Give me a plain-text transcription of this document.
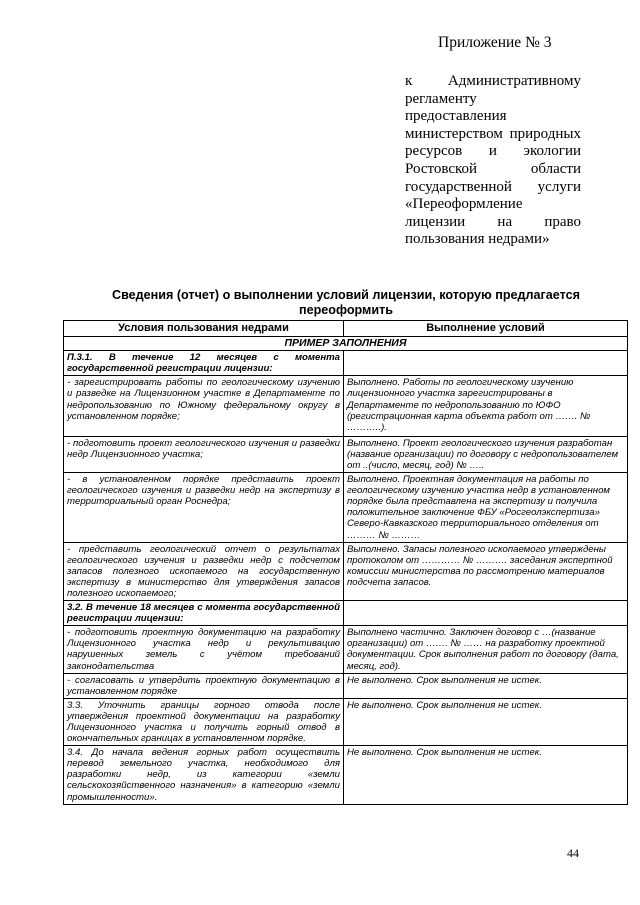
Приложение № 3
к Административному
регламенту
предоставления
министерством природных
ресурсов и экологии
Ростовской области
государственной услуги
«Переоформление
лицензии на право
пользования недрами»
Сведения (отчет) о выполнении условий лицензии, которую предлагается переоформить
Условия пользования недрами	Выполнение условий
ПРИМЕР ЗАПОЛНЕНИЯ	
П.3.1. В течение 12 месяцев с момента государственной регистрации лицензии:	
- зарегистрировать работы по геологическому изучению и разведке на Лицензионном участке в Департаменте по недропользованию по Южному федеральному округу в установленном порядке;	Выполнено. Работы по геологическому изучению лицензионного участка зарегистрированы в Департаменте по недропользованию по ЮФО (регистрационная карта объекта работ от ……. № ………..).
- подготовить проект геологического изучения и разведки недр Лицензионного участка;	Выполнено. Проект геологического изучения разработан (название организации) по договору с недропользователем от ..(число, месяц, год) № …..
- в установленном порядке представить проект геологического изучения и разведки недр на экспертизу в территориальный орган Роснедра;	Выполнено. Проектная документация на работы по геологическому изучению участка недр в установленном порядке была представлена на экспертизу и получила положительное заключение ФБУ «Росгеолэкспертиза» Северо-Кавказского территориального отделения от ……… № ………
- представить геологический отчет о результатах геологического изучения и разведки недр с подсчетом запасов полезного ископаемого на государственную экспертизу в министерство для утверждения запасов полезного ископаемого;	Выполнено. Запасы полезного ископаемого утверждены протоколом от ………… № ………. заседания экспертной комиссии министерства по рассмотрению материалов подсчета запасов.
3.2. В течение 18 месяцев с момента государственной регистрации лицензии:	
- подготовить проектную документацию на разработку Лицензионного участка недр и рекультивацию нарушенных земель с учётом требований законодательства	Выполнено частично. Заключен договор с …(название организации) от ……. № …… на разработку проектной документации. Срок выполнения работ по договору (дата, месяц, год).
- согласовать и утвердить проектную документацию в установленном порядке	Не выполнено. Срок выполнения не истек.
3.3. Уточнить границы горного отвода после утверждения проектной документации на разработку Лицензионного участка и получить горный отвод в окончательных границах в установленном порядке.	Не выполнено. Срок выполнения не истек.
3.4. До начала ведения горных работ осуществить перевод земельного участка, необходимого для разработки недр, из категории «земли сельскохозяйственного назначения» в категорию «земли промышленности».	Не выполнено. Срок выполнения не истек.
44
